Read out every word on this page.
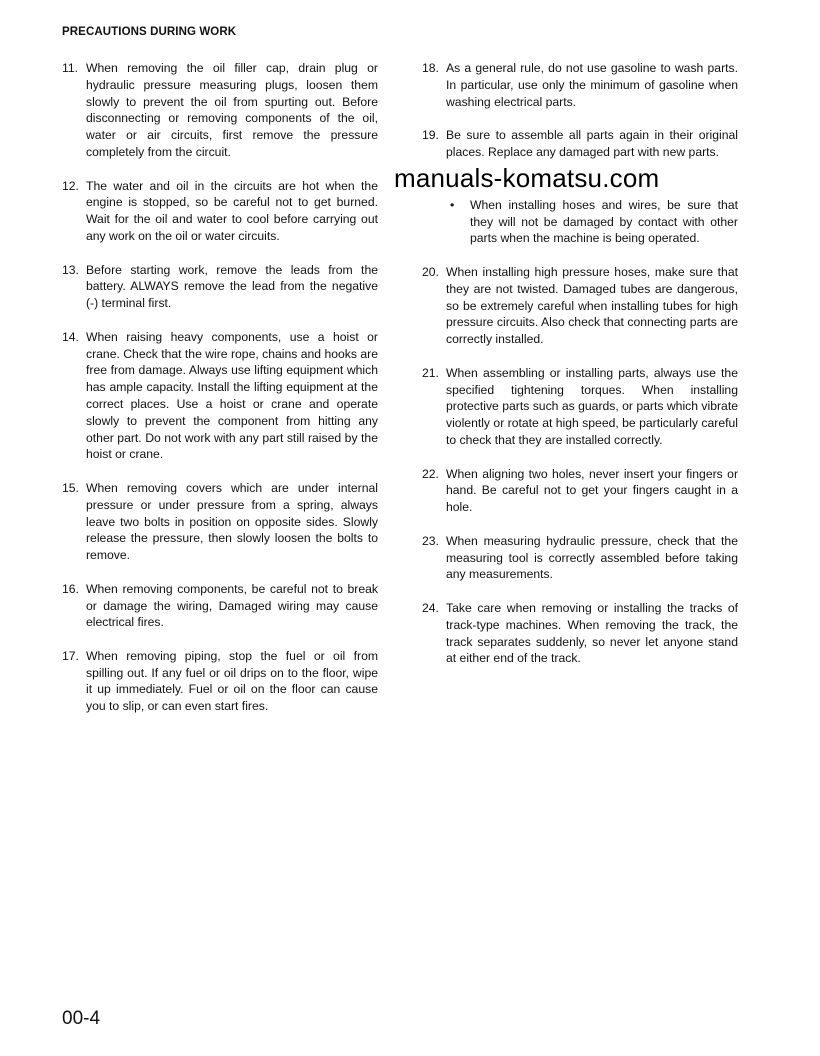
PRECAUTIONS DURING WORK
11. When removing the oil filler cap, drain plug or hydraulic pressure measuring plugs, loosen them slowly to prevent the oil from spurting out. Before disconnecting or removing components of the oil, water or air circuits, first remove the pressure completely from the circuit.
12. The water and oil in the circuits are hot when the engine is stopped, so be careful not to get burned. Wait for the oil and water to cool before carrying out any work on the oil or water circuits.
13. Before starting work, remove the leads from the battery. ALWAYS remove the lead from the negative (-) terminal first.
14. When raising heavy components, use a hoist or crane. Check that the wire rope, chains and hooks are free from damage. Always use lifting equipment which has ample capacity. Install the lifting equipment at the correct places. Use a hoist or crane and operate slowly to prevent the component from hitting any other part. Do not work with any part still raised by the hoist or crane.
15. When removing covers which are under internal pressure or under pressure from a spring, always leave two bolts in position on opposite sides. Slowly release the pressure, then slowly loosen the bolts to remove.
16. When removing components, be careful not to break or damage the wiring, Damaged wiring may cause electrical fires.
17. When removing piping, stop the fuel or oil from spilling out. If any fuel or oil drips on to the floor, wipe it up immediately. Fuel or oil on the floor can cause you to slip, or can even start fires.
18. As a general rule, do not use gasoline to wash parts. In particular, use only the minimum of gasoline when washing electrical parts.
19. Be sure to assemble all parts again in their original places. Replace any damaged part with new parts.
manuals-komatsu.com
• When installing hoses and wires, be sure that they will not be damaged by contact with other parts when the machine is being operated.
20. When installing high pressure hoses, make sure that they are not twisted. Damaged tubes are dangerous, so be extremely careful when installing tubes for high pressure circuits. Also check that connecting parts are correctly installed.
21. When assembling or installing parts, always use the specified tightening torques. When installing protective parts such as guards, or parts which vibrate violently or rotate at high speed, be particularly careful to check that they are installed correctly.
22. When aligning two holes, never insert your fingers or hand. Be careful not to get your fingers caught in a hole.
23. When measuring hydraulic pressure, check that the measuring tool is correctly assembled before taking any measurements.
24. Take care when removing or installing the tracks of track-type machines. When removing the track, the track separates suddenly, so never let anyone stand at either end of the track.
00-4
